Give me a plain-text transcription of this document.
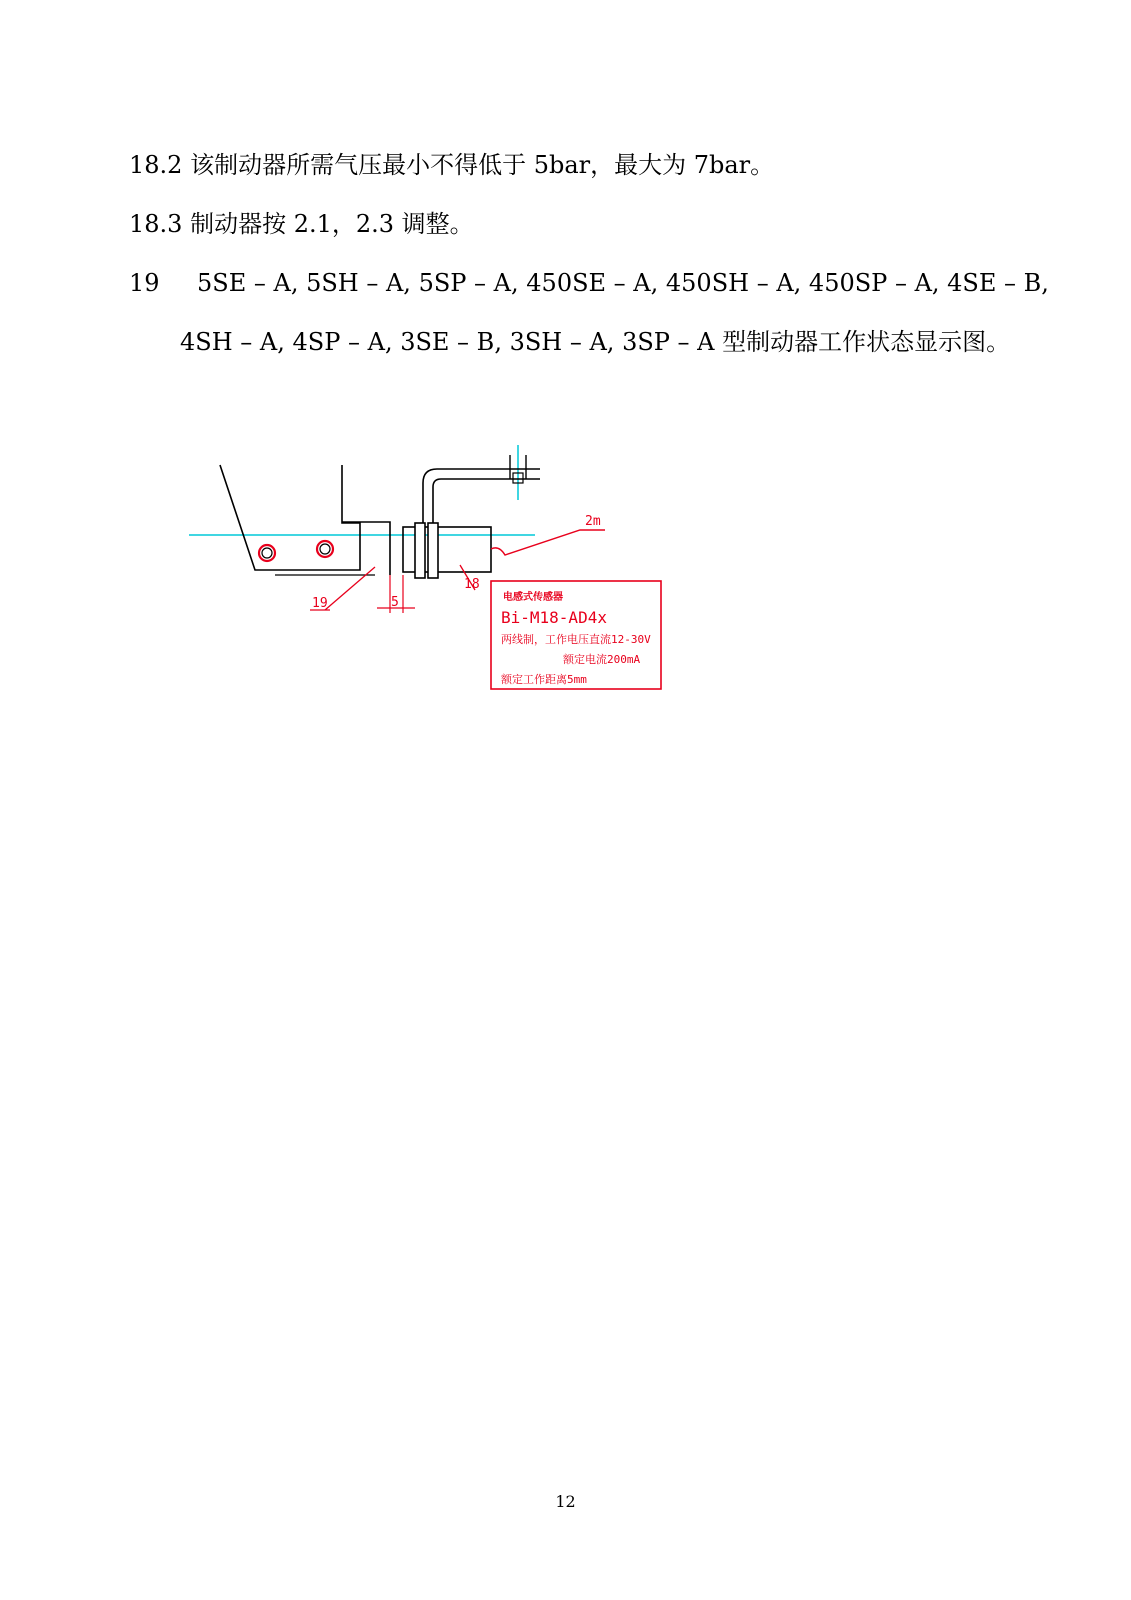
18.2 该制动器所需气压最小不得低于 5bar，最大为 7bar。
18.3 制动器按 2.1，2.3 调整。
19 5SE – A, 5SH – A, 5SP – A, 450SE – A, 450SH – A, 450SP – A, 4SE – B,
4SH – A, 4SP – A, 3SE – B, 3SH – A, 3SP – A 型制动器工作状态显示图。
2m
19	5
18
电感式传感器
Bi-M18-AD4x
两线制，工作电压直流12-30V
额定电流200mA
额定工作距离5mm
12
